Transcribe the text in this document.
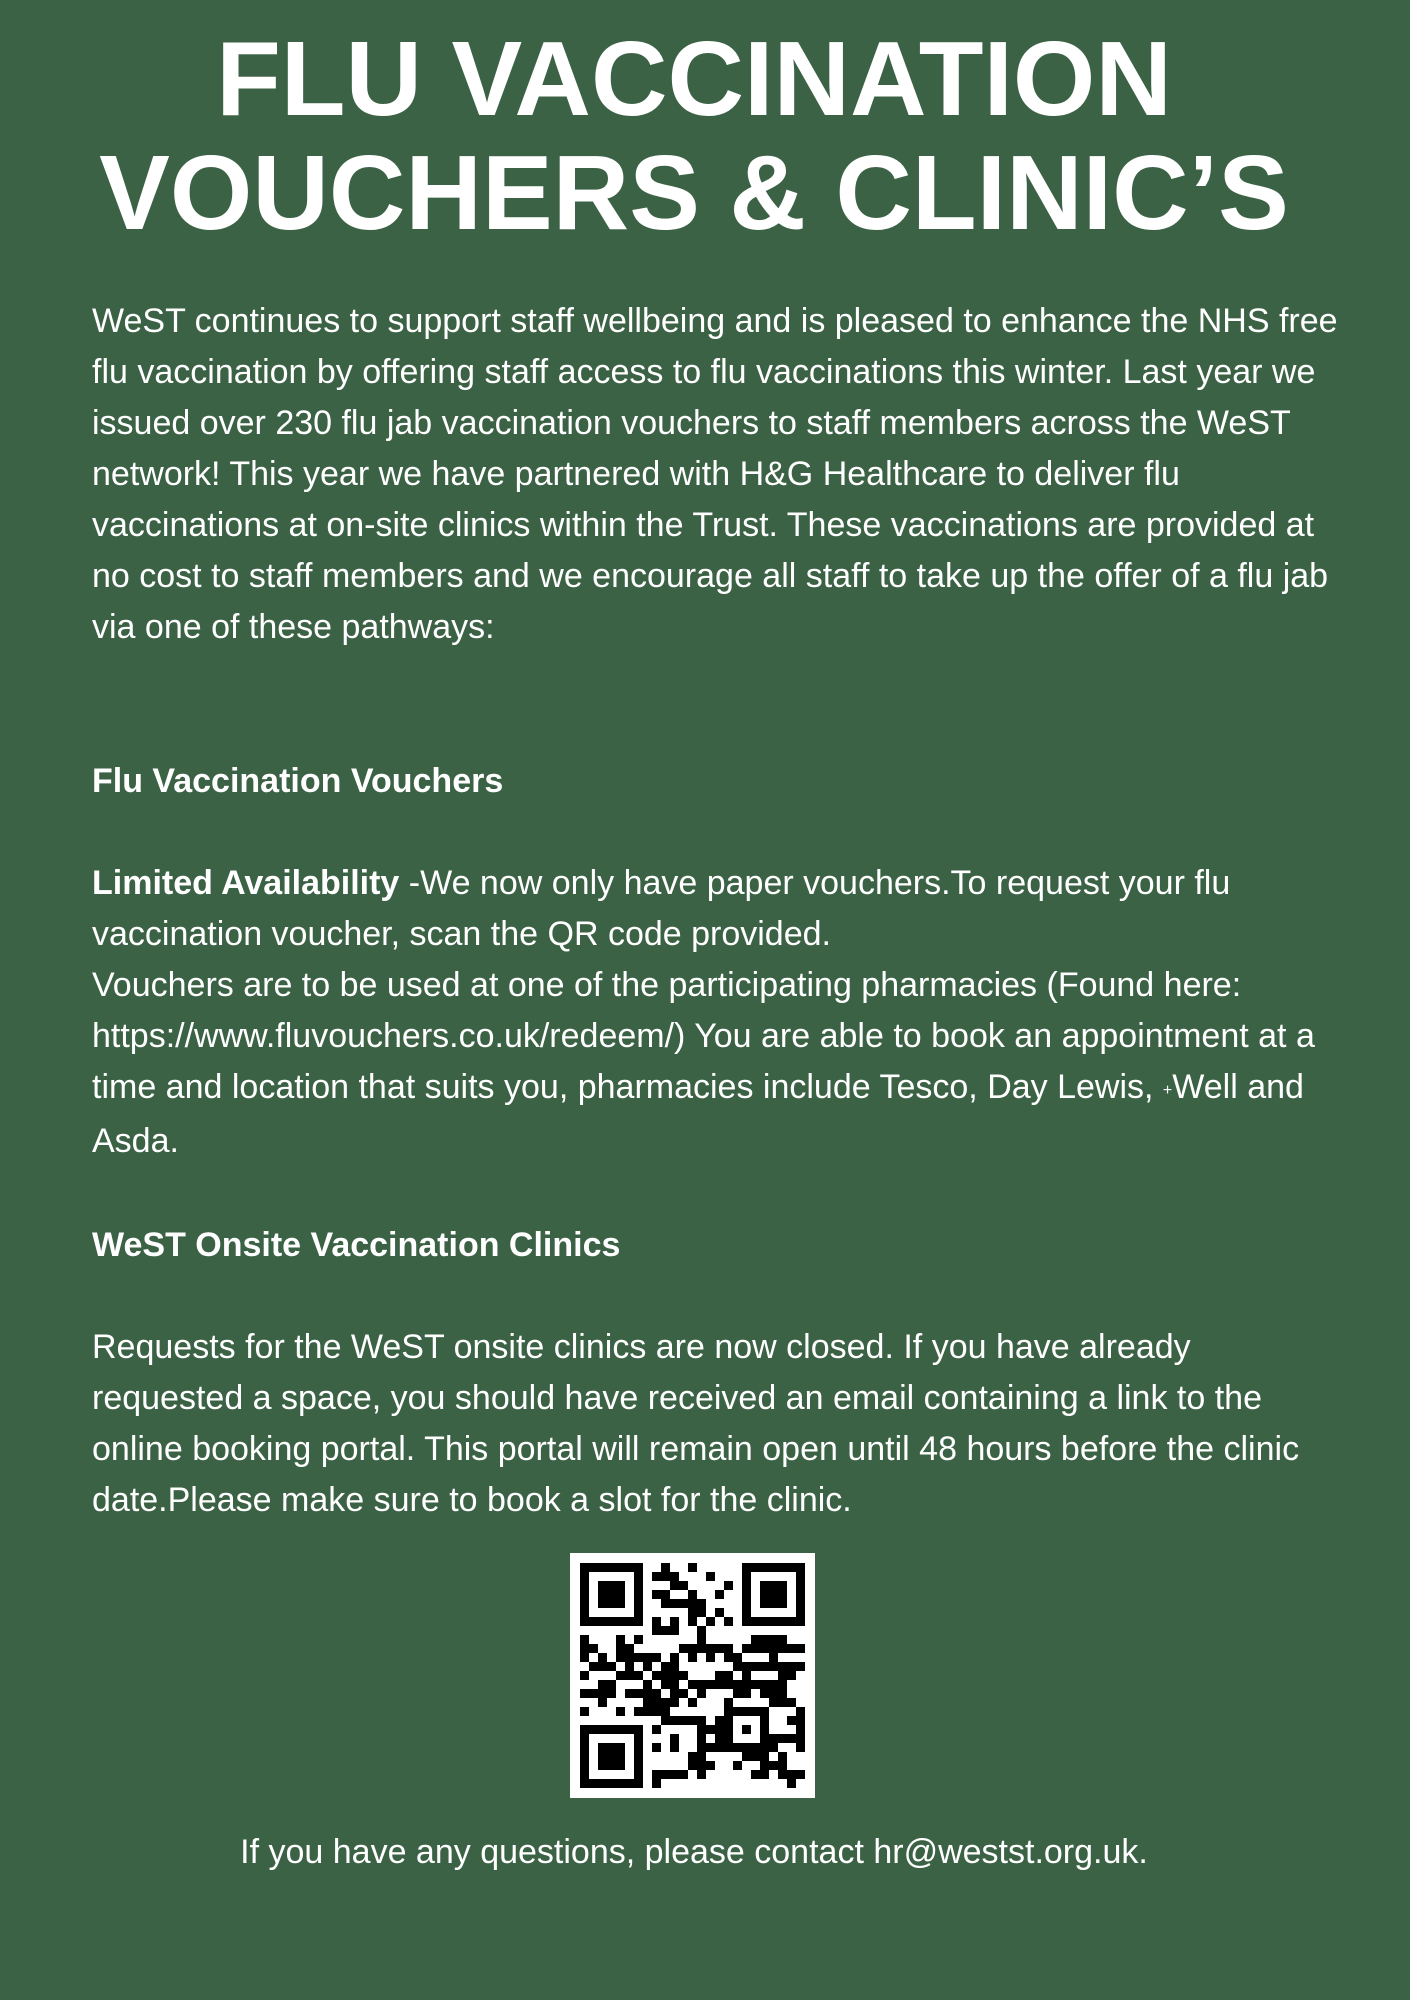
FLU VACCINATION
VOUCHERS & CLINIC’S

WeST continues to support staff wellbeing and is pleased to enhance the NHS free flu vaccination by offering staff access to flu vaccinations this winter. Last year we issued over 230 flu jab vaccination vouchers to staff members across the WeST network! This year we have partnered with H&G Healthcare to deliver flu vaccinations at on-site clinics within the Trust. These vaccinations are provided at no cost to staff members and we encourage all staff to take up the offer of a flu jab via one of these pathways:

Flu Vaccination Vouchers

Limited Availability -We now only have paper vouchers.To request your flu vaccination voucher, scan the QR code provided.
Vouchers are to be used at one of the participating pharmacies (Found here: https://www.fluvouchers.co.uk/redeem/) You are able to book an appointment at a time and location that suits you, pharmacies include Tesco, Day Lewis, +Well and Asda.

WeST Onsite Vaccination Clinics

Requests for the WeST onsite clinics are now closed. If you have already requested a space, you should have received an email containing a link to the online booking portal. This portal will remain open until 48 hours before the clinic date.Please make sure to book a slot for the clinic.

If you have any questions, please contact hr@westst.org.uk.
